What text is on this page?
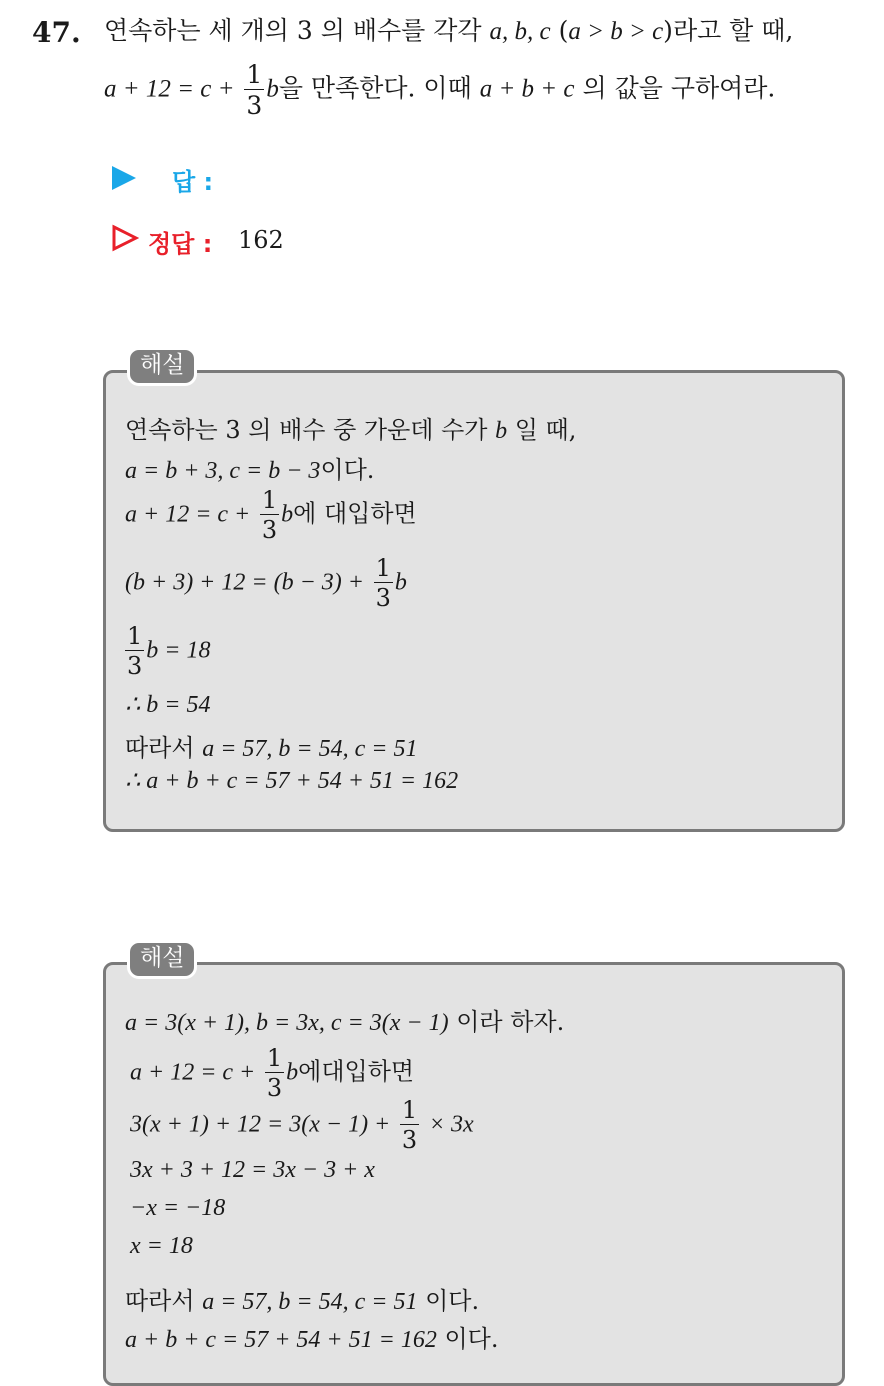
47. 연속하는 세 개의 3 의 배수를 각각 a, b, c (a > b > c)라고 할 때,
$a + 12 = c + \frac{1}{3}$ b을 만족한다. 이때 a + b + c 의 값을 구하여라.
답 :
정답 : 162
해설
연속하는 3 의 배수 중 가운데 수가 b 일 때,
a = b + 3, c = b − 3이다.
$a + 12 = c + \frac{1}{3}$ b에 대입하면
$(b + 3) + 12 = (b - 3) + \frac{1}{3}$ b
$\frac{1}{3}$ b = 18
∴ b = 54
따라서 a = 57, b = 54, c = 51
∴ a + b + c = 57 + 54 + 51 = 162
해설
a = 3(x + 1), b = 3x, c = 3(x − 1) 이라 하자.
$a + 12 = c + \frac{1}{3}$ b에대입하면
$3(x + 1) + 12 = 3(x - 1) + \frac{1}{3} \times 3x$
3x + 3 + 12 = 3x − 3 + x
−x = −18
x = 18
따라서 a = 57, b = 54, c = 51 이다.
a + b + c = 57 + 54 + 51 = 162 이다.
